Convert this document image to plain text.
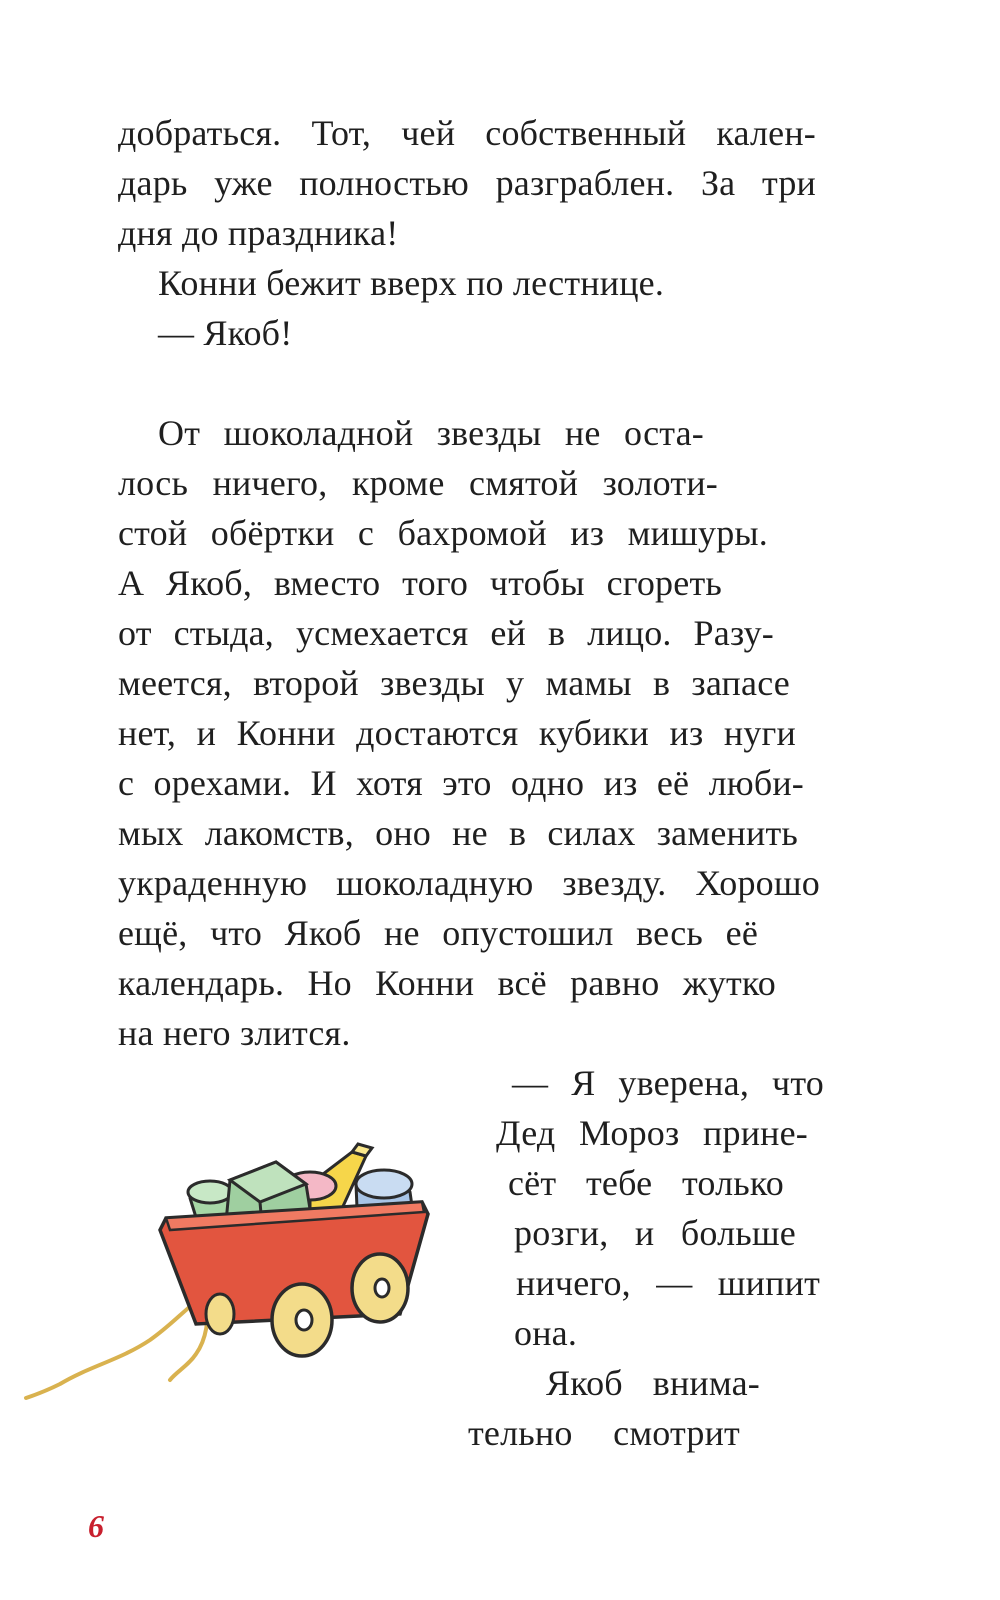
добраться. Тот, чей собственный кален-
дарь уже полностью разграблен. За три
дня до праздника!
Конни бежит вверх по лестнице.
— Якоб!
От шоколадной звезды не оста-
лось ничего, кроме смятой золоти-
стой обёртки с бахромой из мишуры.
А Якоб, вместо того чтобы сгореть
от стыда, усмехается ей в лицо. Разу-
меется, второй звезды у мамы в запасе
нет, и Конни достаются кубики из нуги
с орехами. И хотя это одно из её люби-
мых лакомств, оно не в силах заменить
украденную шоколадную звезду. Хорошо
ещё, что Якоб не опустошил весь её
календарь. Но Конни всё равно жутко
на него злится.
— Я уверена, что
Дед Мороз прине-
сёт тебе только
розги, и больше
ничего, — шипит
она.
Якоб внима-
тельно смотрит
6
